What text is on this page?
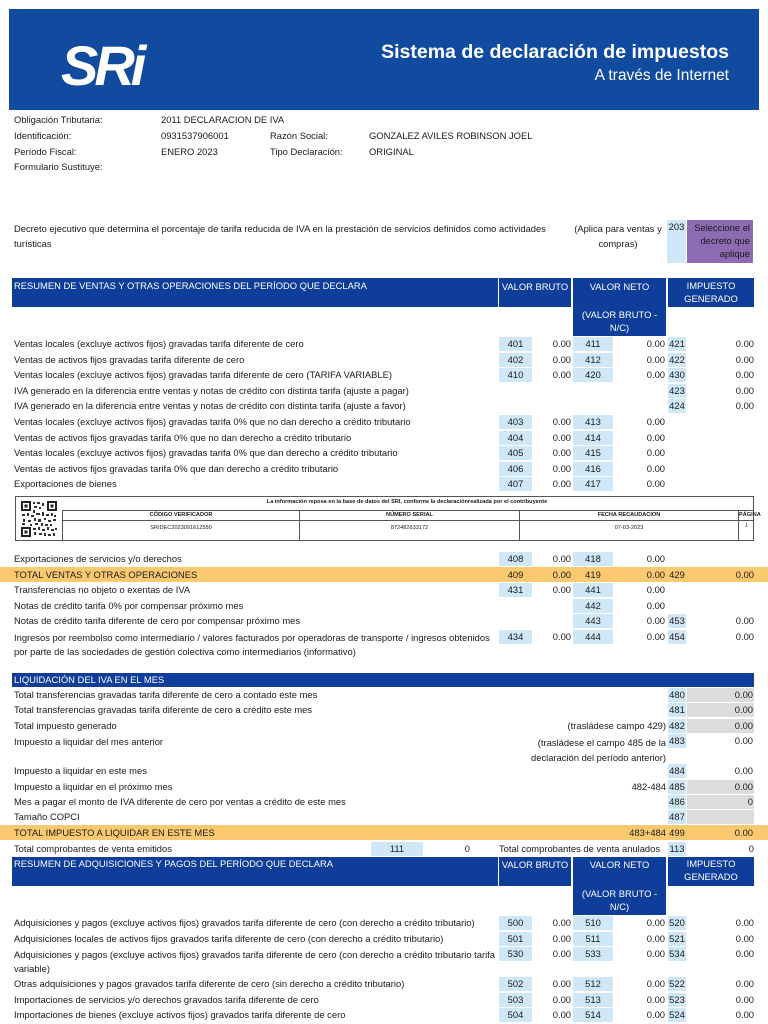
SRi	Sistema de declaración de impuestos
A través de Internet
Obligación Tributaria:	2011 DECLARACION DE IVA
Identificación:	0931537906001	Razón Social:	GONZALEZ AVILES ROBINSON JOEL
Período Fiscal:	ENERO 2023	Tipo Declaración:	ORIGINAL
Formulario Sustituye:
Decreto ejecutivo que determina el porcentaje de tarifa reducida de IVA en la prestación de servicios definidos como actividades turísticas
(Aplica para ventas y compras)
203	Seleccione el decreto que aplique
RESUMEN DE VENTAS Y OTRAS OPERACIONES DEL PERÍODO QUE DECLARA	VALOR BRUTO	VALOR NETO	IMPUESTO GENERADO
(VALOR BRUTO - N/C)
Ventas locales (excluye activos fijos) gravadas tarifa diferente de cero	401	0.00	411	0.00 421	0.00
Ventas de activos fijos gravadas tarifa diferente de cero	402	0.00	412	0.00 422	0.00
Ventas locales (excluye activos fijos) gravadas tarifa diferente de cero (TARIFA VARIABLE)	410	0.00	420	0.00 430	0.00
IVA generado en la diferencia entre ventas y notas de crédito con distinta tarifa (ajuste a pagar)	423	0.00
IVA generado en la diferencia entre ventas y notas de crédito con distinta tarifa (ajuste a favor)	424	0.00
Ventas locales (excluye activos fijos) gravadas tarifa 0% que no dan derecho a crédito tributario	403	0.00	413	0.00
Ventas de activos fijos gravadas tarifa 0% que no dan derecho a crédito tributario	404	0.00	414	0.00
Ventas locales (excluye activos fijos) gravadas tarifa 0% que dan derecho a crédito tributario	405	0.00	415	0.00
Ventas de activos fijos gravadas tarifa 0% que dan derecho a crédito tributario	406	0.00	416	0.00
Exportaciones de bienes	407	0.00	417	0.00
La información reposa en la base de datos del SRI, conforme la declaraciónrealizada por el contribuyente
CÓDIGO VERIFICADOR
SRIDEC2023091612550
NÚMERO SERIAL
872482633172
FECHA RECAUDACION
07-03-2023
PÁGINA
1
Exportaciones de servicios y/o derechos	408	0.00	418	0.00
TOTAL VENTAS Y OTRAS OPERACIONES	409	0.00	419	0.00 429	0.00
Transferencias no objeto o exentas de IVA	431	0.00	441	0.00
Notas de crédito tarifa 0% por compensar próximo mes	442	0.00
Notas de crédito tarifa diferente de cero por compensar próximo mes	443	0.00 453	0.00
Ingresos por reembolso como intermediario / valores facturados por operadoras de transporte / ingresos obtenidos por parte de las sociedades de gestión colectiva como intermediarios (informativo)
434	0.00	444	0.00 454	0.00
LIQUIDACIÓN DEL IVA EN EL MES
Total transferencias gravadas tarifa diferente de cero a contado este mes	480	0.00
Total transferencias gravadas tarifa diferente de cero a crédito este mes	481	0.00
Total impuesto generado	(trasládese campo 429) 482	0.00
Impuesto a liquidar del mes anterior	(trasládese el campo 485 de la declaración del período anterior)
483	0.00
Impuesto a liquidar en este mes	484	0.00
Impuesto a liquidar en el próximo mes	482-484 485	0.00
Mes a pagar el monto de IVA diferente de cero por ventas a crédito de este mes	486	0
Tamaño COPCI	487
TOTAL IMPUESTO A LIQUIDAR EN ESTE MES	483+484 499	0.00
Total comprobantes de venta emitidos	111	0	Total comprobantes de venta anulados 113	0
RESUMEN DE ADQUISICIONES Y PAGOS DEL PERÍODO QUE DECLARA	VALOR BRUTO	VALOR NETO	IMPUESTO GENERADO
(VALOR BRUTO - N/C)
Adquisiciones y pagos (excluye activos fijos) gravados tarifa diferente de cero (con derecho a crédito tributario)	500	0.00	510	0.00 520	0.00
Adquisiciones locales de activos fijos gravados tarifa diferente de cero (con derecho a crédito tributario)	501	0.00	511	0.00 521	0.00
Adquisiciones y pagos (excluye activos fijos) gravados tarifa diferente de cero (con derecho a crédito tributario tarifa variable)
530	0.00	533	0.00 534	0.00
Otras adquisiciones y pagos gravados tarifa diferente de cero (sin derecho a crédito tributario)	502	0.00	512	0.00 522	0.00
Importaciones de servicios y/o derechos gravados tarifa diferente de cero	503	0.00	513	0.00 523	0.00
Importaciones de bienes (excluye activos fijos) gravados tarifa diferente de cero	504	0.00	514	0.00 524	0.00
